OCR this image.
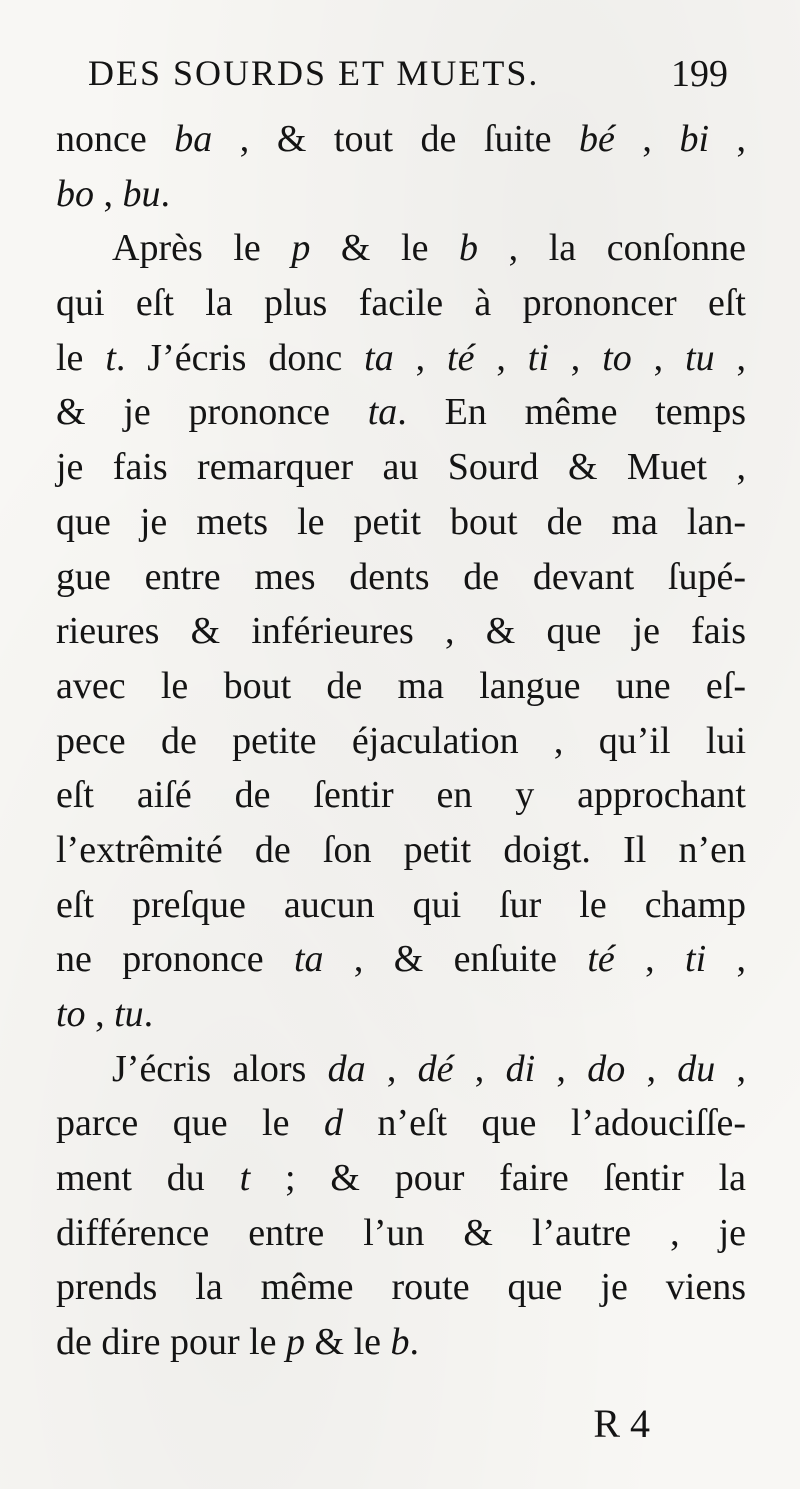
DES SOURDS ET MUETS.	199
nonce ba , & tout de ſuite bé , bi ,
bo , bu.
Après le p & le b , la conſonne
qui eſt la plus facile à prononcer eſt
le t. J’écris donc ta , té , ti , to , tu ,
& je prononce ta. En même temps
je fais remarquer au Sourd & Muet ,
que je mets le petit bout de ma lan-
gue entre mes dents de devant ſupé-
rieures & inférieures , & que je fais
avec le bout de ma langue une eſ-
pece de petite éjaculation , qu’il lui
eſt aiſé de ſentir en y approchant
l’extrêmité de ſon petit doigt. Il n’en
eſt preſque aucun qui ſur le champ
ne prononce ta , & enſuite té , ti ,
to , tu.
J’écris alors da , dé , di , do , du ,
parce que le d n’eſt que l’adouciſſe-
ment du t ; & pour faire ſentir la
différence entre l’un & l’autre , je
prends la même route que je viens
de dire pour le p & le b.
R 4
